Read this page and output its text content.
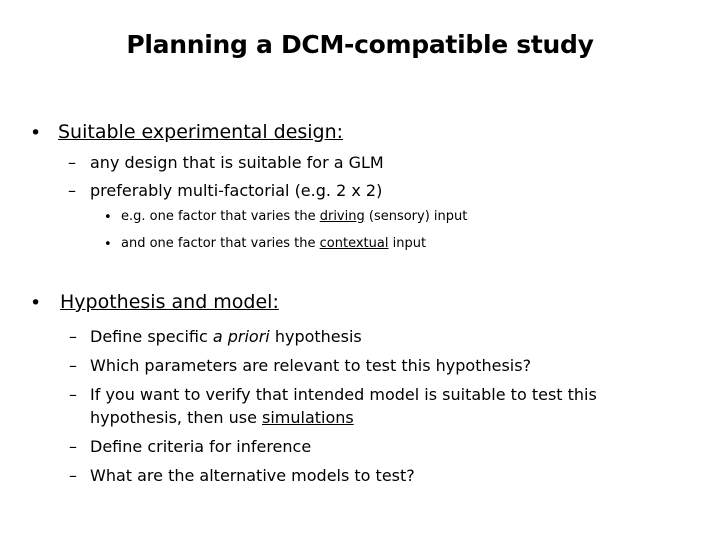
Planning a DCM-compatible study
• Suitable experimental design:
– any design that is suitable for a GLM
– preferably multi-factorial (e.g. 2 x 2)
• e.g. one factor that varies the driving (sensory) input
• and one factor that varies the contextual input
• Hypothesis and model:
– Define specific a priori hypothesis
– Which parameters are relevant to test this hypothesis?
– If you want to verify that intended model is suitable to test this
hypothesis, then use simulations
– Define criteria for inference
– What are the alternative models to test?
